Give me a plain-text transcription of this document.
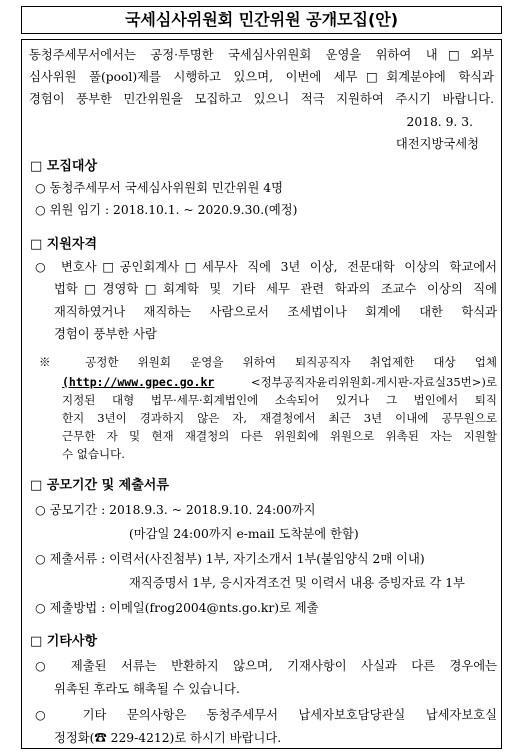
국세심사위원회 민간위원 공개모집(안)
동청주세무서에서는 공정·투명한 국세심사위원회 운영을 위하여 내□외부
심사위원 풀(pool)제를 시행하고 있으며, 이번에 세무□회계분야에 학식과
경험이 풍부한 민간위원을 모집하고 있으니 적극 지원하여 주시기 바랍니다.
2018. 9. 3.
대전지방국세청
□ 모집대상
○ 동청주세무서 국세심사위원회 민간위원 4명
○ 위원 임기 : 2018.10.1. ~ 2020.9.30.(예정)
□ 지원자격
○ 변호사□공인회계사□세무사 직에 3년 이상, 전문대학 이상의 학교에서
법학□경영학□회계학 및 기타 세무 관련 학과의 조교수 이상의 직에
재직하였거나 재직하는 사람으로서 조세법이나 회계에 대한 학식과
경험이 풍부한 사람
※ 공정한 위원회 운영을 위하여 퇴직공직자 취업제한 대상 업체
(http://www.gpec.go.kr	<정부공직자윤리위원회-게시판-자료실35번>)로
지정된 대형 법무·세무·회계법인에 소속되어 있거나 그 법인에서 퇴직
한지 3년이 경과하지 않은 자, 재결청에서 최근 3년 이내에 공무원으로
근무한 자 및 현재 재결청의 다른 위원회에 위원으로 위촉된 자는 지원할
수 없습니다.
□ 공모기간 및 제출서류
○ 공모기간 : 2018.9.3. ~ 2018.9.10. 24:00까지
(마감일 24:00까지 e-mail 도착분에 한함)
○ 제출서류 : 이력서(사진첨부) 1부, 자기소개서 1부(붙임양식 2매 이내)
재직증명서 1부, 응시자격조건 및 이력서 내용 증빙자료 각 1부
○ 제출방법 : 이메일(frog2004@nts.go.kr)로 제출
□ 기타사항
○ 제출된 서류는 반환하지 않으며, 기재사항이 사실과 다른 경우에는
위촉된 후라도 해촉될 수 있습니다.
○ 기타 문의사항은 동청주세무서 납세자보호담당관실 납세자보호실
정정화(☎ 229-4212)로 하시기 바랍니다.
